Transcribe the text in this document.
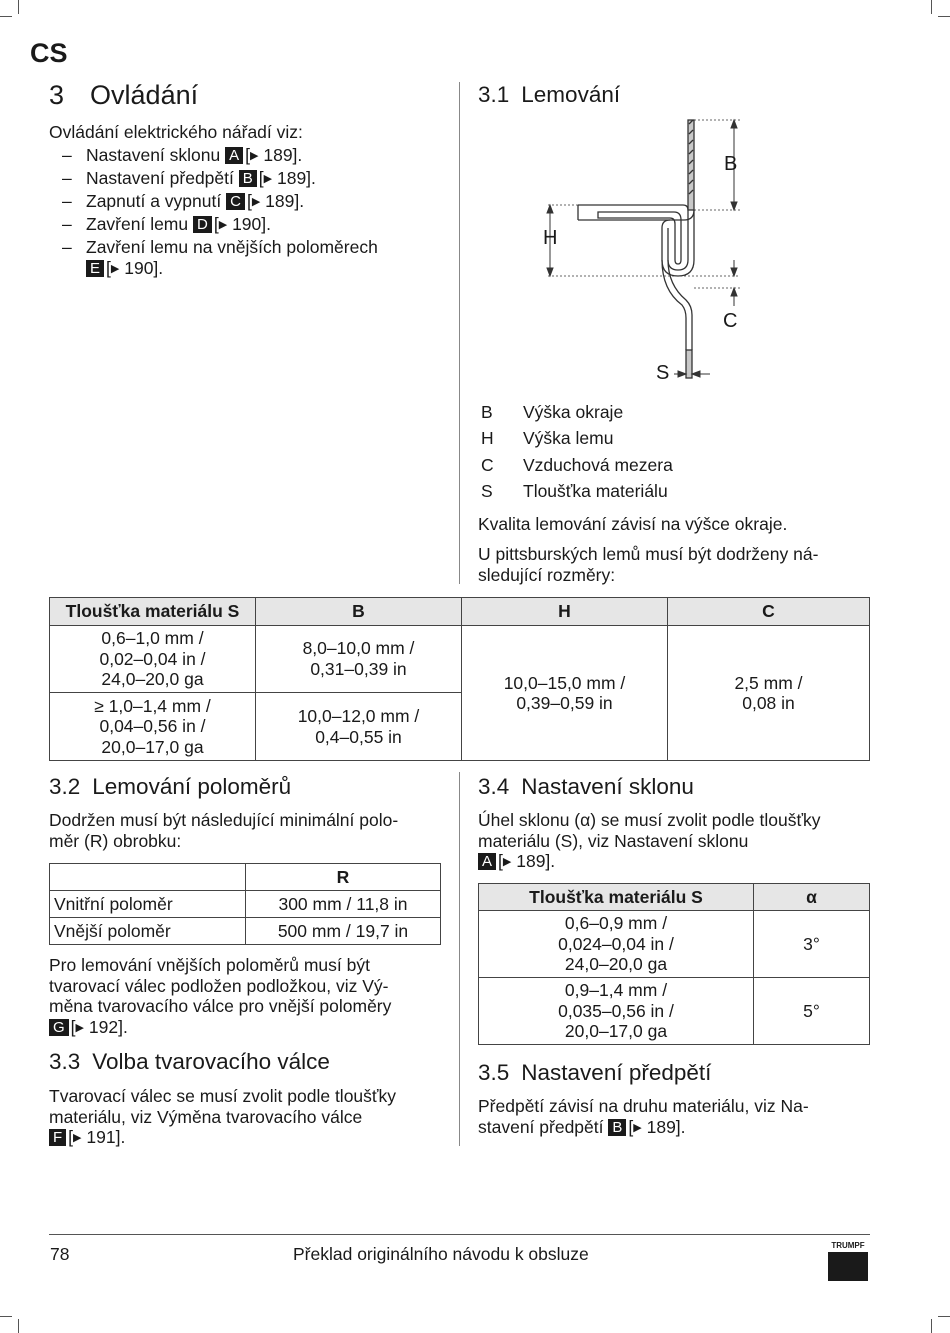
CS
3 Ovládání
Ovládání elektrického nářadí viz:
– Nastavení sklonu A [▶ 189].
– Nastavení předpětí B [▶ 189].
– Zapnutí a vypnutí C [▶ 189].
– Zavření lemu D [▶ 190].
– Zavření lemu na vnějších poloměrech
E [▶ 190].
3.1 Lemování
B
H
C
S
B Výška okraje
H Výška lemu
C Vzduchová mezera
S Tloušťka materiálu
Kvalita lemování závisí na výšce okraje.
U pittsburských lemů musí být dodrženy ná-
sledující rozměry:
Tloušťka materiálu S	B	H	C
0,6–1,0 mm /
0,02–0,04 in /
24,0–20,0 ga	8,0–10,0 mm /
0,31–0,39 in	10,0–15,0 mm /
0,39–0,59 in	2,5 mm /
0,08 in
≥ 1,0–1,4 mm /
0,04–0,56 in /
20,0–17,0 ga	10,0–12,0 mm /
0,4–0,55 in		
3.2 Lemování poloměrů
Dodržen musí být následující minimální polo-
měr (R) obrobku:
	R
Vnitřní poloměr	300 mm / 11,8 in
Vnější poloměr	500 mm / 19,7 in
Pro lemování vnějších poloměrů musí být
tvarovací válec podložen podložkou, viz Vý-
měna tvarovacího válce pro vnější poloměry
G [▶ 192].
3.3 Volba tvarovacího válce
Tvarovací válec se musí zvolit podle tloušťky
materiálu, viz Výměna tvarovacího válce
F [▶ 191].
3.4 Nastavení sklonu
Úhel sklonu (α) se musí zvolit podle tloušťky
materiálu (S), viz Nastavení sklonu
A [▶ 189].
Tloušťka materiálu S	α
0,6–0,9 mm /
0,024–0,04 in /
24,0–20,0 ga	3°
0,9–1,4 mm /
0,035–0,56 in /
20,0–17,0 ga	5°
3.5 Nastavení předpětí
Předpětí závisí na druhu materiálu, viz Na-
stavení předpětí B [▶ 189].
78	Překlad originálního návodu k obsluze	TRUMPF
